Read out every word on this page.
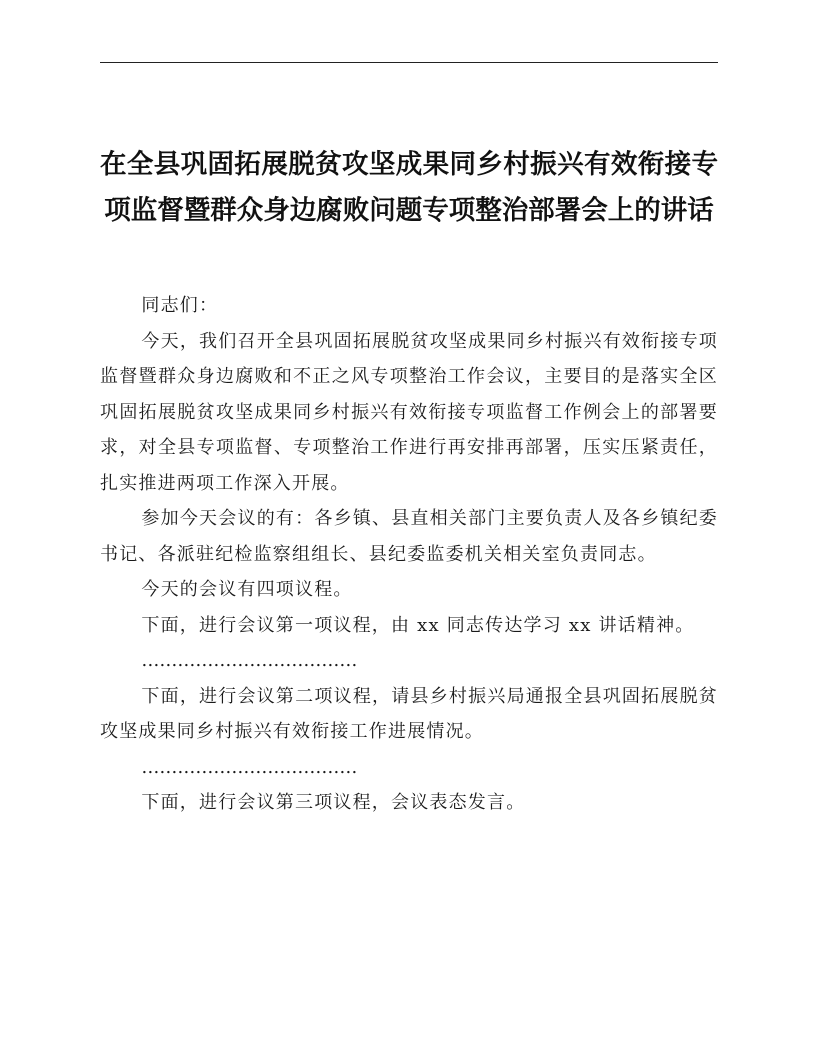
在全县巩固拓展脱贫攻坚成果同乡村振兴有效衔接专项监督暨群众身边腐败问题专项整治部署会上的讲话

同志们：

今天，我们召开全县巩固拓展脱贫攻坚成果同乡村振兴有效衔接专项监督暨群众身边腐败和不正之风专项整治工作会议，主要目的是落实全区巩固拓展脱贫攻坚成果同乡村振兴有效衔接专项监督工作例会上的部署要求，对全县专项监督、专项整治工作进行再安排再部署，压实压紧责任，扎实推进两项工作深入开展。

参加今天会议的有：各乡镇、县直相关部门主要负责人及各乡镇纪委书记、各派驻纪检监察组组长、县纪委监委机关相关室负责同志。

今天的会议有四项议程。

下面，进行会议第一项议程，由 xx 同志传达学习 xx 讲话精神。

………………………………

下面，进行会议第二项议程，请县乡村振兴局通报全县巩固拓展脱贫攻坚成果同乡村振兴有效衔接工作进展情况。

………………………………

下面，进行会议第三项议程，会议表态发言。
